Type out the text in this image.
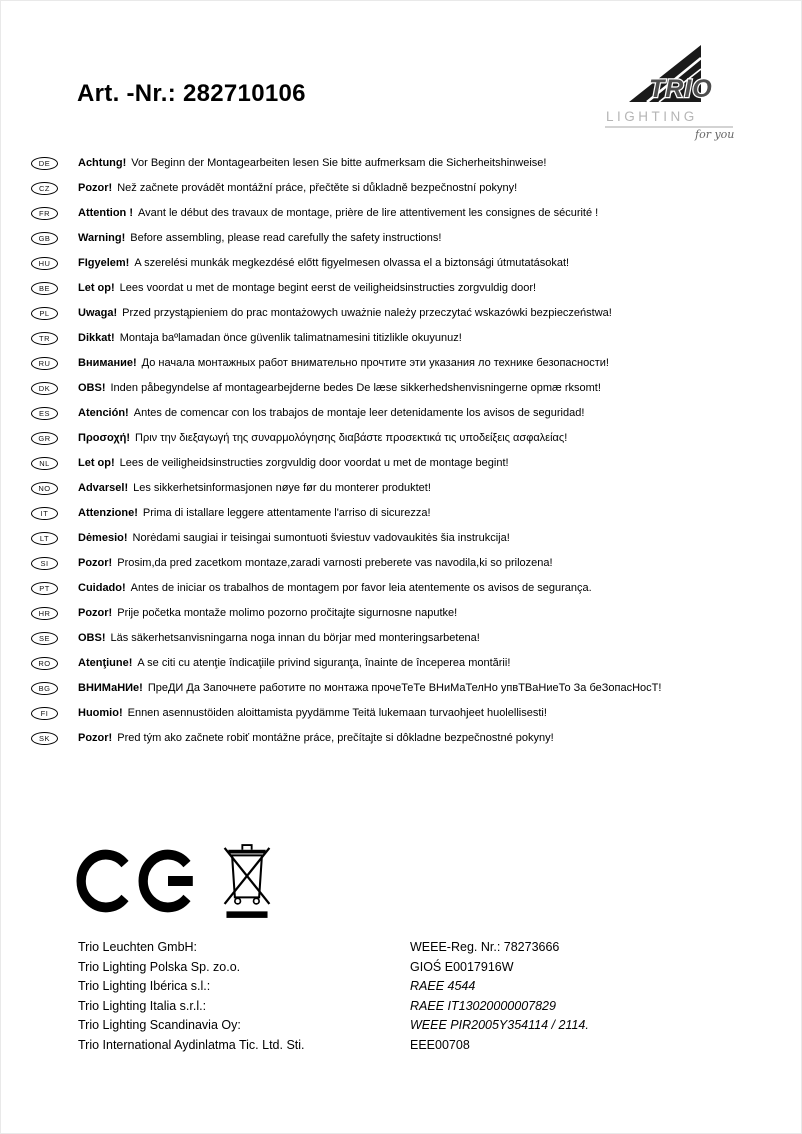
Art. -Nr.: 282710106	TRIO
LIGHTING
for you
DE	Achtung! Vor Beginn der Montagearbeiten lesen Sie bitte aufmerksam die Sicherheitshinweise!
CZ	Pozor! Než začnete provádět montážní práce, přečtěte si důkladně bezpečnostní pokyny!
FR	Attention ! Avant le début des travaux de montage, prière de lire attentivement les consignes de sécurité !
GB	Warning! Before assembling, please read carefully the safety instructions!
HU	FIgyelem! A szerelési munkák megkezdésé előtt figyelmesen olvassa el a biztonsági útmutatásokat!
BE	Let op! Lees voordat u met de montage begint eerst de veiligheidsinstructies zorgvuldig door!
PL	Uwaga! Przed przystąpieniem do prac montażowych uważnie należy przeczytać wskazówki bezpieczeństwa!
TR	Dikkat! Montaja baºlamadan önce güvenlik talimatnamesini titizlikle okuyunuz!
RU	Внимание! До начала монтажных работ внимательно прочтите эти указания ло технике безопасности!
DK	OBS! Inden påbegyndelse af montagearbejderne bedes De læse sikkerhedshenvisningerne opmæ rksomt!
ES	Atención! Antes de comencar con los trabajos de montaje leer detenidamente los avisos de seguridad!
GR	Προσοχή! Πριν την διεξαγωγή της συναρμολόγησης διαβάστε προσεκτικά τις υποδείξεις ασφαλείας!
NL	Let op! Lees de veiligheidsinstructies zorgvuldig door voordat u met de montage begint!
NO	Advarsel! Les sikkerhetsinformasjonen nøye før du monterer produktet!
IT	Attenzione! Prima di istallare leggere attentamente l'arriso di sicurezza!
LT	Dėmesio! Norėdami saugiai ir teisingai sumontuoti šviestuv vadovaukitės šia instrukcija!
SI	Pozor! Prosim,da pred zacetkom montaze,zaradi varnosti preberete vas navodila,ki so prilozena!
PT	Cuidado! Antes de iniciar os trabalhos de montagem por favor leia atentemente os avisos de segurança.
HR	Pozor! Prije početka montaže molimo pozorno pročitajte sigurnosne naputke!
SE	OBS! Läs säkerhetsanvisningarna noga innan du börjar med monteringsarbetena!
RO	Atenţiune! A se citi cu atenţie îndicaţiile privind siguranţa, înainte de începerea montării!
BG	ВНИМаНИе! ПреДИ Да Започнете работите по монтажа прочеТеТе ВНиМаТелНо упвТВаНиеТо За беЗопасНосТ!
FI	Huomio! Ennen asennustöiden aloittamista pyydämme Teitä lukemaan turvaohjeet huolellisesti!
SK	Pozor! Pred tým ako začnete robiť montážne práce, prečítajte si dôkladne bezpečnostné pokyny!
Trio Leuchten GmbH:	WEEE-Reg. Nr.: 78273666
Trio Lighting Polska Sp. zo.o.	GIOŚ E0017916W
Trio Lighting Ibérica s.l.:	RAEE 4544
Trio Lighting Italia s.r.l.:	RAEE IT13020000007829
Trio Lighting Scandinavia Oy:	WEEE PIR2005Y354114 / 2114.
Trio International Aydinlatma Tic. Ltd. Sti.	EEE00708
